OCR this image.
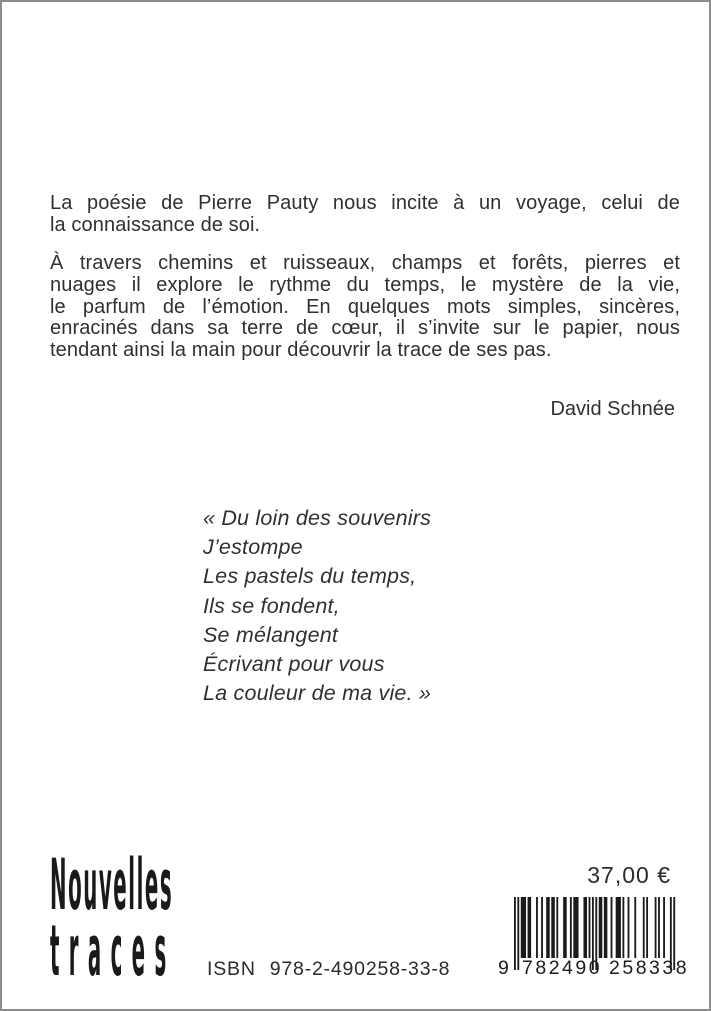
La poésie de Pierre Pauty nous incite à un voyage, celui de
la connaissance de soi.
À travers chemins et ruisseaux, champs et forêts, pierres et
nuages il explore le rythme du temps, le mystère de la vie,
le parfum de l’émotion. En quelques mots simples, sincères,
enracinés dans sa terre de cœur, il s’invite sur le papier, nous
tendant ainsi la main pour découvrir la trace de ses pas.
David Schnée
« Du loin des souvenirs
J’estompe
Les pastels du temps,
Ils se fondent,
Se mélangent
Écrivant pour vous
La couleur de ma vie. »
Nouvelles
traces
37,00 €
9 782490 258338
ISBN 978-2-490258-33-8
